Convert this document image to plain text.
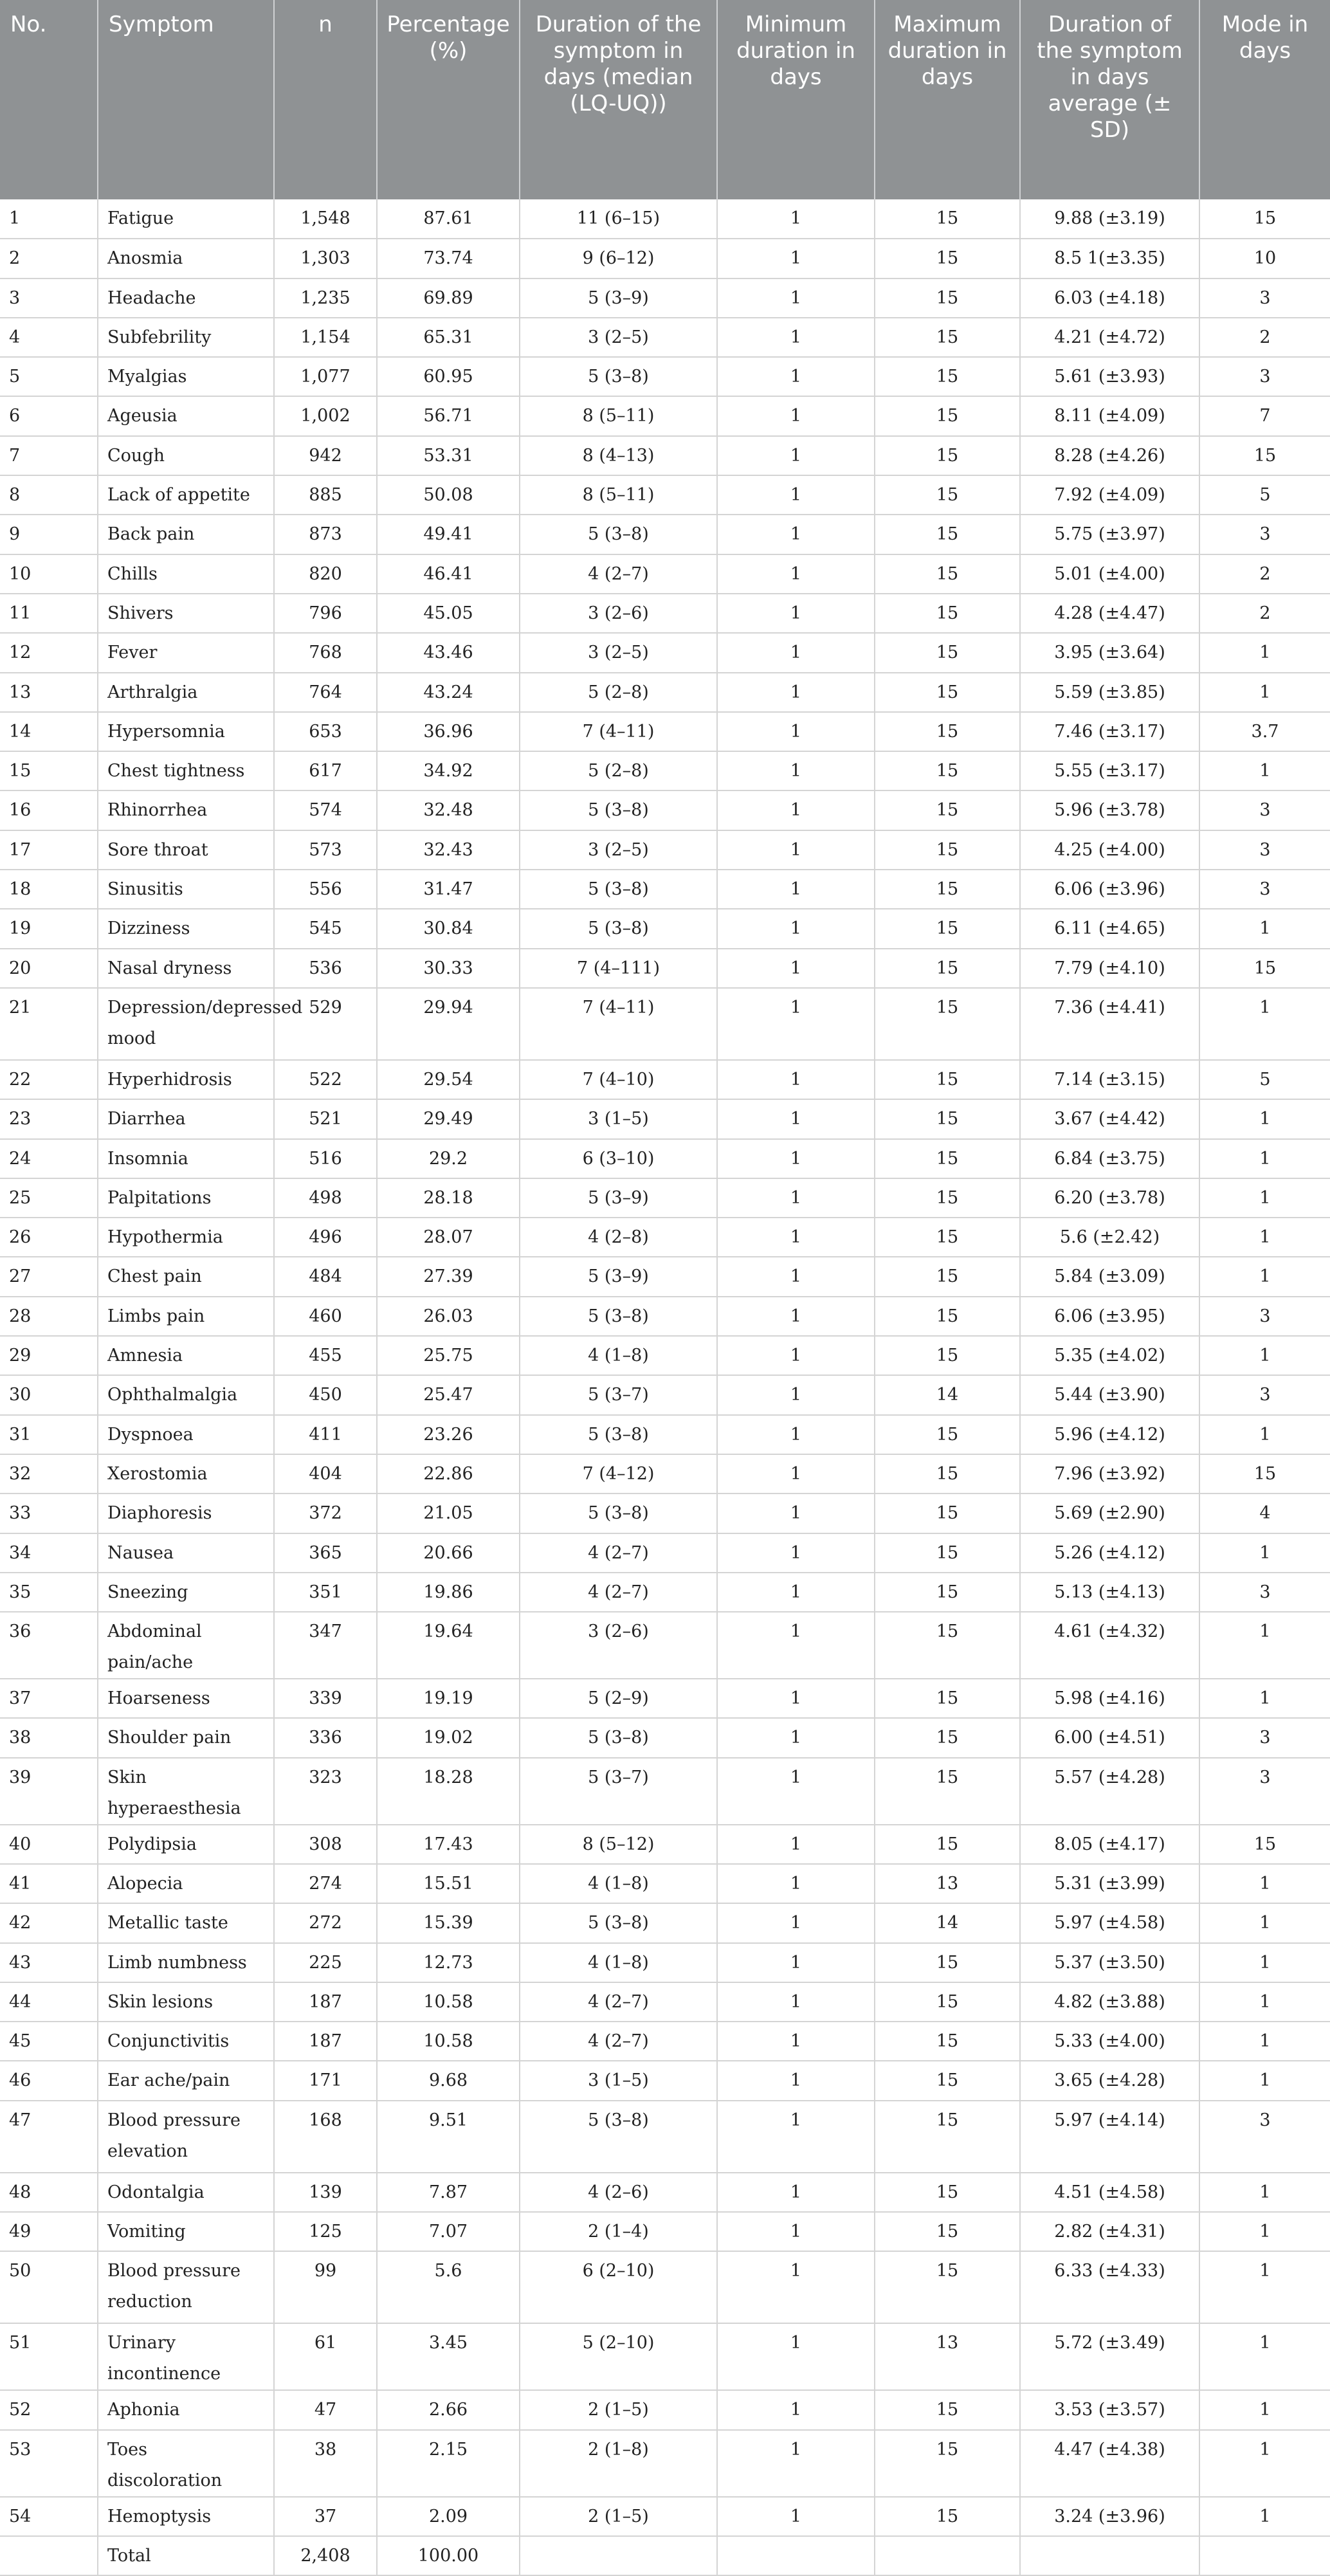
No.	Symptom	n	Percentage (%)	Duration of the symptom in days (median (LQ-UQ))	Minimum duration in days	Maximum duration in days	Duration of the symptom in days average (± SD)	Mode in days
1	Fatigue	1,548	87.61	11 (6–15)	1	15	9.88 (±3.19)	15
2	Anosmia	1,303	73.74	9 (6–12)	1	15	8.5 1(±3.35)	10
3	Headache	1,235	69.89	5 (3–9)	1	15	6.03 (±4.18)	3
4	Subfebrility	1,154	65.31	3 (2–5)	1	15	4.21 (±4.72)	2
5	Myalgias	1,077	60.95	5 (3–8)	1	15	5.61 (±3.93)	3
6	Ageusia	1,002	56.71	8 (5–11)	1	15	8.11 (±4.09)	7
7	Cough	942	53.31	8 (4–13)	1	15	8.28 (±4.26)	15
8	Lack of appetite	885	50.08	8 (5–11)	1	15	7.92 (±4.09)	5
9	Back pain	873	49.41	5 (3–8)	1	15	5.75 (±3.97)	3
10	Chills	820	46.41	4 (2–7)	1	15	5.01 (±4.00)	2
11	Shivers	796	45.05	3 (2–6)	1	15	4.28 (±4.47)	2
12	Fever	768	43.46	3 (2–5)	1	15	3.95 (±3.64)	1
13	Arthralgia	764	43.24	5 (2–8)	1	15	5.59 (±3.85)	1
14	Hypersomnia	653	36.96	7 (4–11)	1	15	7.46 (±3.17)	3.7
15	Chest tightness	617	34.92	5 (2–8)	1	15	5.55 (±3.17)	1
16	Rhinorrhea	574	32.48	5 (3–8)	1	15	5.96 (±3.78)	3
17	Sore throat	573	32.43	3 (2–5)	1	15	4.25 (±4.00)	3
18	Sinusitis	556	31.47	5 (3–8)	1	15	6.06 (±3.96)	3
19	Dizziness	545	30.84	5 (3–8)	1	15	6.11 (±4.65)	1
20	Nasal dryness	536	30.33	7 (4–111)	1	15	7.79 (±4.10)	15
21	Depression/depressed mood	529	29.94	7 (4–11)	1	15	7.36 (±4.41)	1
22	Hyperhidrosis	522	29.54	7 (4–10)	1	15	7.14 (±3.15)	5
23	Diarrhea	521	29.49	3 (1–5)	1	15	3.67 (±4.42)	1
24	Insomnia	516	29.2	6 (3–10)	1	15	6.84 (±3.75)	1
25	Palpitations	498	28.18	5 (3–9)	1	15	6.20 (±3.78)	1
26	Hypothermia	496	28.07	4 (2–8)	1	15	5.6 (±2.42)	1
27	Chest pain	484	27.39	5 (3–9)	1	15	5.84 (±3.09)	1
28	Limbs pain	460	26.03	5 (3–8)	1	15	6.06 (±3.95)	3
29	Amnesia	455	25.75	4 (1–8)	1	15	5.35 (±4.02)	1
30	Ophthalmalgia	450	25.47	5 (3–7)	1	14	5.44 (±3.90)	3
31	Dyspnoea	411	23.26	5 (3–8)	1	15	5.96 (±4.12)	1
32	Xerostomia	404	22.86	7 (4–12)	1	15	7.96 (±3.92)	15
33	Diaphoresis	372	21.05	5 (3–8)	1	15	5.69 (±2.90)	4
34	Nausea	365	20.66	4 (2–7)	1	15	5.26 (±4.12)	1
35	Sneezing	351	19.86	4 (2–7)	1	15	5.13 (±4.13)	3
36	Abdominal pain/ache	347	19.64	3 (2–6)	1	15	4.61 (±4.32)	1
37	Hoarseness	339	19.19	5 (2–9)	1	15	5.98 (±4.16)	1
38	Shoulder pain	336	19.02	5 (3–8)	1	15	6.00 (±4.51)	3
39	Skin hyperaesthesia	323	18.28	5 (3–7)	1	15	5.57 (±4.28)	3
40	Polydipsia	308	17.43	8 (5–12)	1	15	8.05 (±4.17)	15
41	Alopecia	274	15.51	4 (1–8)	1	13	5.31 (±3.99)	1
42	Metallic taste	272	15.39	5 (3–8)	1	14	5.97 (±4.58)	1
43	Limb numbness	225	12.73	4 (1–8)	1	15	5.37 (±3.50)	1
44	Skin lesions	187	10.58	4 (2–7)	1	15	4.82 (±3.88)	1
45	Conjunctivitis	187	10.58	4 (2–7)	1	15	5.33 (±4.00)	1
46	Ear ache/pain	171	9.68	3 (1–5)	1	15	3.65 (±4.28)	1
47	Blood pressure elevation	168	9.51	5 (3–8)	1	15	5.97 (±4.14)	3
48	Odontalgia	139	7.87	4 (2–6)	1	15	4.51 (±4.58)	1
49	Vomiting	125	7.07	2 (1–4)	1	15	2.82 (±4.31)	1
50	Blood pressure reduction	99	5.6	6 (2–10)	1	15	6.33 (±4.33)	1
51	Urinary incontinence	61	3.45	5 (2–10)	1	13	5.72 (±3.49)	1
52	Aphonia	47	2.66	2 (1–5)	1	15	3.53 (±3.57)	1
53	Toes discoloration	38	2.15	2 (1–8)	1	15	4.47 (±4.38)	1
54	Hemoptysis	37	2.09	2 (1–5)	1	15	3.24 (±3.96)	1
	Total	2,408	100.00					
